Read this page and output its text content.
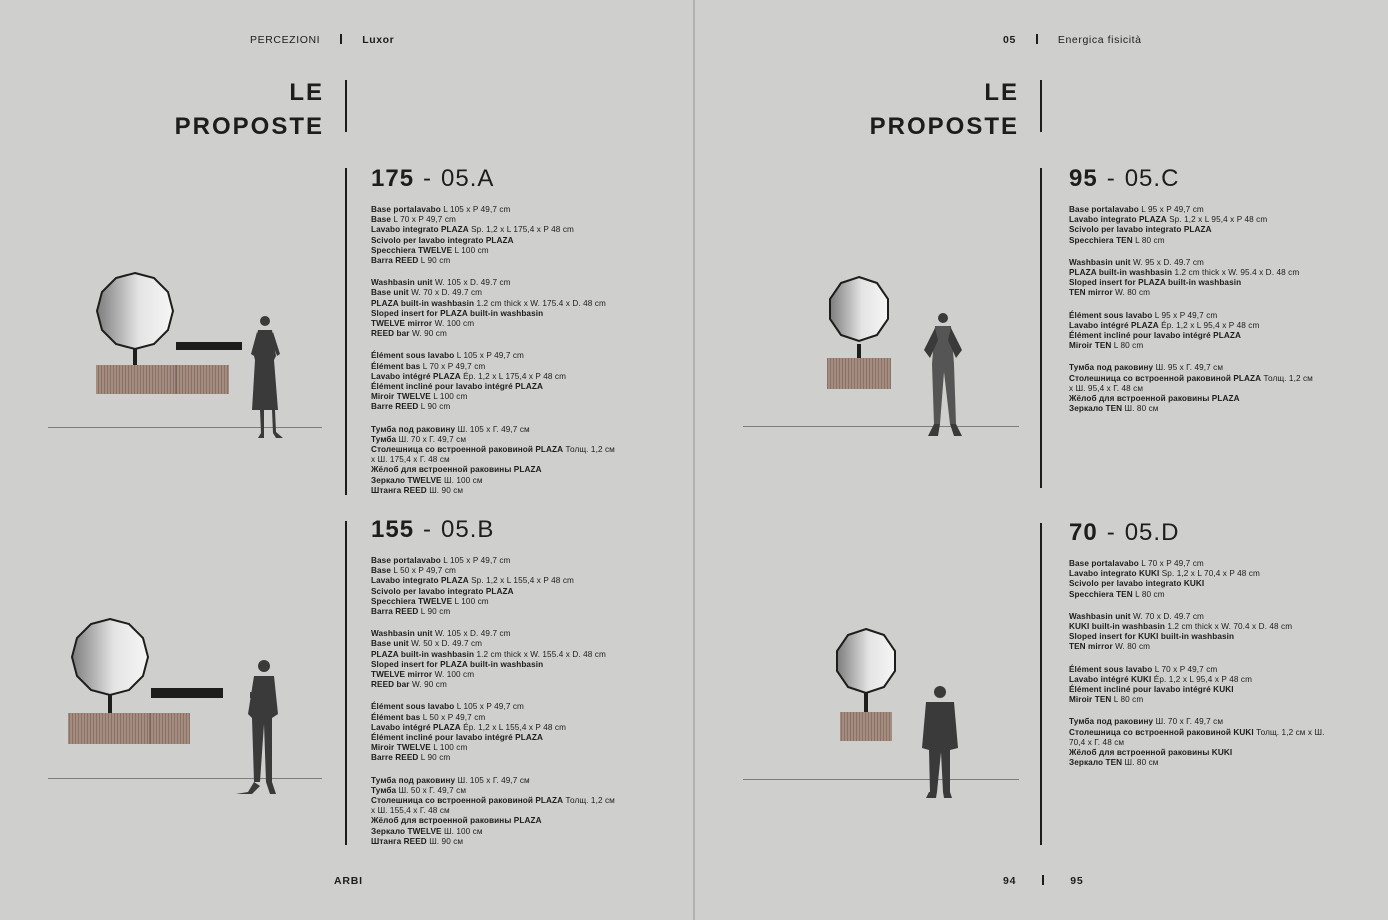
PERCEZIONI	Luxor	05	Energica fisicità
LE
PROPOSTE
LE
PROPOSTE
175 - 05.A
Base portalavabo L 105 x P 49,7 cm
Base L 70 x P 49,7 cm
Lavabo integrato PLAZA Sp. 1,2 x L 175,4 x P 48 cm
Scivolo per lavabo integrato PLAZA
Specchiera TWELVE L 100 cm
Barra REED L 90 cm
Washbasin unit W. 105 x D. 49.7 cm
Base unit W. 70 x D. 49.7 cm
PLAZA built-in washbasin 1.2 cm thick x W. 175.4 x D. 48 cm
Sloped insert for PLAZA built-in washbasin
TWELVE mirror W. 100 cm
REED bar W. 90 cm
Élément sous lavabo L 105 x P 49,7 cm
Élément bas L 70 x P 49,7 cm
Lavabo intégré PLAZA Ép. 1,2 x L 175,4 x P 48 cm
Élément incliné pour lavabo intégré PLAZA
Miroir TWELVE L 100 cm
Barre REED L 90 cm
Тумба под раковину Ш. 105 x Г. 49,7 см
Тумба Ш. 70 x Г. 49,7 см
Столешница со встроенной раковиной PLAZA Толщ. 1,2 см
x Ш. 175,4 x Г. 48 см
Жёлоб для встроенной раковины PLAZA
Зеркало TWELVE Ш. 100 см
Штанга REED Ш. 90 см
155 - 05.B
Base portalavabo L 105 x P 49,7 cm
Base L 50 x P 49,7 cm
Lavabo integrato PLAZA Sp. 1,2 x L 155,4 x P 48 cm
Scivolo per lavabo integrato PLAZA
Specchiera TWELVE L 100 cm
Barra REED L 90 cm
Washbasin unit W. 105 x D. 49.7 cm
Base unit W. 50 x D. 49.7 cm
PLAZA built-in washbasin 1.2 cm thick x W. 155.4 x D. 48 cm
Sloped insert for PLAZA built-in washbasin
TWELVE mirror W. 100 cm
REED bar W. 90 cm
Élément sous lavabo L 105 x P 49,7 cm
Élément bas L 50 x P 49,7 cm
Lavabo intégré PLAZA Ép. 1,2 x L 155,4 x P 48 cm
Élément incliné pour lavabo intégré PLAZA
Miroir TWELVE L 100 cm
Barre REED L 90 cm
Тумба под раковину Ш. 105 x Г. 49,7 см
Тумба Ш. 50 x Г. 49,7 см
Столешница со встроенной раковиной PLAZA Толщ. 1,2 см
x Ш. 155,4 x Г. 48 см
Жёлоб для встроенной раковины PLAZA
Зеркало TWELVE Ш. 100 см
Штанга REED Ш. 90 см
95 - 05.C
Base portalavabo L 95 x P 49,7 cm
Lavabo integrato PLAZA Sp. 1,2 x L 95,4 x P 48 cm
Scivolo per lavabo integrato PLAZA
Specchiera TEN L 80 cm
Washbasin unit W. 95 x D. 49.7 cm
PLAZA built-in washbasin 1.2 cm thick x W. 95.4 x D. 48 cm
Sloped insert for PLAZA built-in washbasin
TEN mirror W. 80 cm
Élément sous lavabo L 95 x P 49,7 cm
Lavabo intégré PLAZA Ép. 1,2 x L 95,4 x P 48 cm
Élément incliné pour lavabo intégré PLAZA
Miroir TEN L 80 cm
Тумба под раковину Ш. 95 x Г. 49,7 см
Столешница со встроенной раковиной PLAZA Толщ. 1,2 см
x Ш. 95,4 x Г. 48 см
Жёлоб для встроенной раковины PLAZA
Зеркало TEN Ш. 80 см
70 - 05.D
Base portalavabo L 70 x P 49,7 cm
Lavabo integrato KUKI Sp. 1,2 x L 70,4 x P 48 cm
Scivolo per lavabo integrato KUKI
Specchiera TEN L 80 cm
Washbasin unit W. 70 x D. 49.7 cm
KUKI built-in washbasin 1.2 cm thick x W. 70.4 x D. 48 cm
Sloped insert for KUKI built-in washbasin
TEN mirror W. 80 cm
Élément sous lavabo L 70 x P 49,7 cm
Lavabo intégré KUKI Ép. 1,2 x L 95,4 x P 48 cm
Élément incliné pour lavabo intégré KUKI
Miroir TEN L 80 cm
Тумба под раковину Ш. 70 x Г. 49,7 см
Столешница со встроенной раковиной KUKI Толщ. 1,2 см x Ш.
70,4 x Г. 48 см
Жёлоб для встроенной раковины KUKI
Зеркало TEN Ш. 80 см
ARBI	94	95
